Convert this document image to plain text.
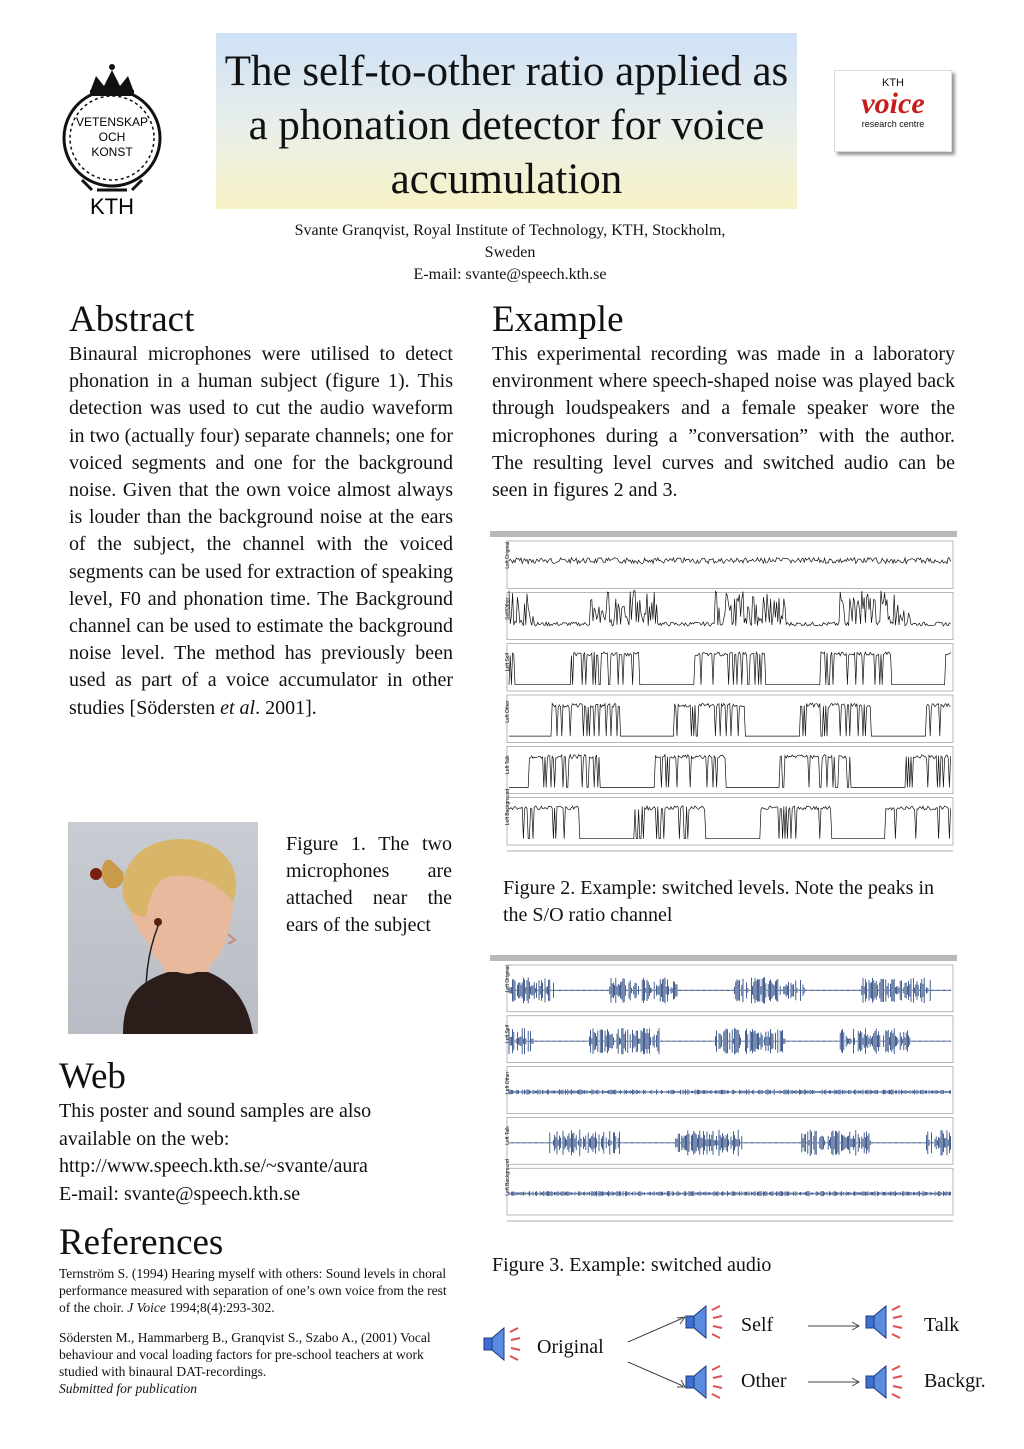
VETENSKAP
OCH
KONST
KTH
The self-to-other ratio applied as a phonation detector for voice accumulation
KTH
voice
research centre
Svante Granqvist, Royal Institute of Technology, KTH, Stockholm,
Sweden
E-mail: svante@speech.kth.se
Abstract
Binaural microphones were utilised to detect phonation in a human subject (figure 1). This detection was used to cut the audio waveform in two (actually four) separate channels; one for voiced segments and one for the background noise. Given that the own voice almost always is louder than the background noise at the ears of the subject, the channel with the voiced segments can be used for extraction of speaking level, F0 and phonation time. The Background channel can be used to estimate the background noise level. The method has previously been used as part of a voice accumulator in other studies [Södersten et al. 2001].
Figure 1. The two microphones are attached near the ears of the subject
Web
This poster and sound samples are also
available on the web:
http://www.speech.kth.se/~svante/aura
E-mail: svante@speech.kth.se
References
Ternström S. (1994) Hearing myself with others: Sound levels in choral performance measured with separation of one’s own voice from the rest of the choir. J Voice 1994;8(4):293-302.
Södersten M., Hammarberg B., Granqvist S., Szabo A., (2001) Vocal behaviour and vocal loading factors for pre-school teachers at work studied with binaural DAT-recordings.
Submitted for publication
Example
This experimental recording was made in a laboratory environment where speech-shaped noise was played back through loudspeakers and a female speaker wore the microphones during a ”conversation” with the author. The resulting level curves and switched audio can be seen in figures 2 and 3.
Left Original
Self/Other
Left Self
Left Other
Left Talk
Left Background
Figure 2. Example: switched levels. Note the peaks in the S/O ratio channel
Left Original
Left Self
Left Other
Left Talk
Left Background
Figure 3. Example: switched audio
Original
Self
Other
Talk
Backgr.
